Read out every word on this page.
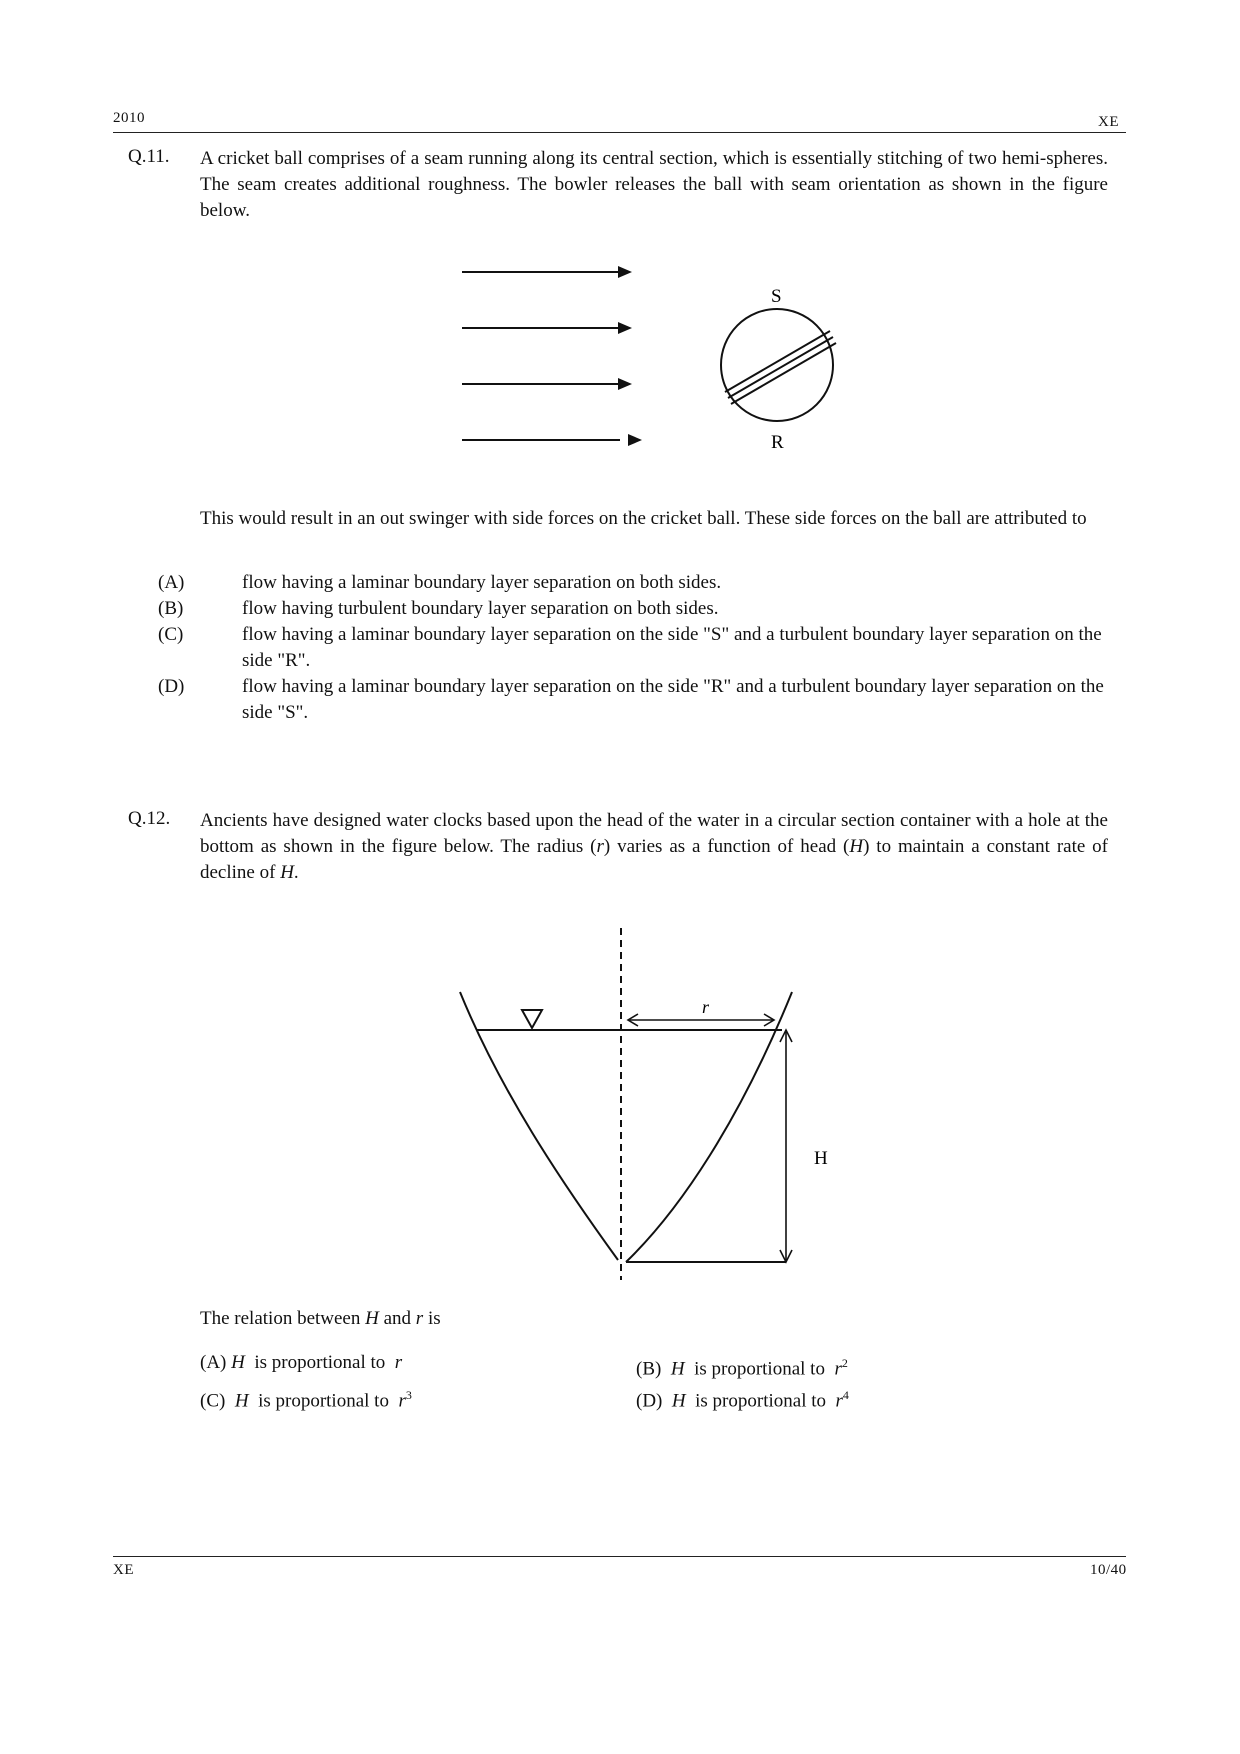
2010	XE
Q.11. A cricket ball comprises of a seam running along its central section, which is essentially stitching of two hemi-spheres. The seam creates additional roughness. The bowler releases the ball with seam orientation as shown in the figure below.
S
R
This would result in an out swinger with side forces on the cricket ball. These side forces on the ball are attributed to
(A)	flow having a laminar boundary layer separation on both sides.
(B)	flow having turbulent boundary layer separation on both sides.
(C)	flow having a laminar boundary layer separation on the side "S" and a turbulent boundary layer separation on the side "R".
(D)	flow having a laminar boundary layer separation on the side "R" and a turbulent boundary layer separation on the side "S".
Q.12. Ancients have designed water clocks based upon the head of the water in a circular section container with a hole at the bottom as shown in the figure below. The radius (r) varies as a function of head (H) to maintain a constant rate of decline of H.
r
H
The relation between H and r is
(A) H is proportional to r	(B) H is proportional to $r^2$
(C) H is proportional to $r^3$	(D) H is proportional to $r^4$
XE	10/40
